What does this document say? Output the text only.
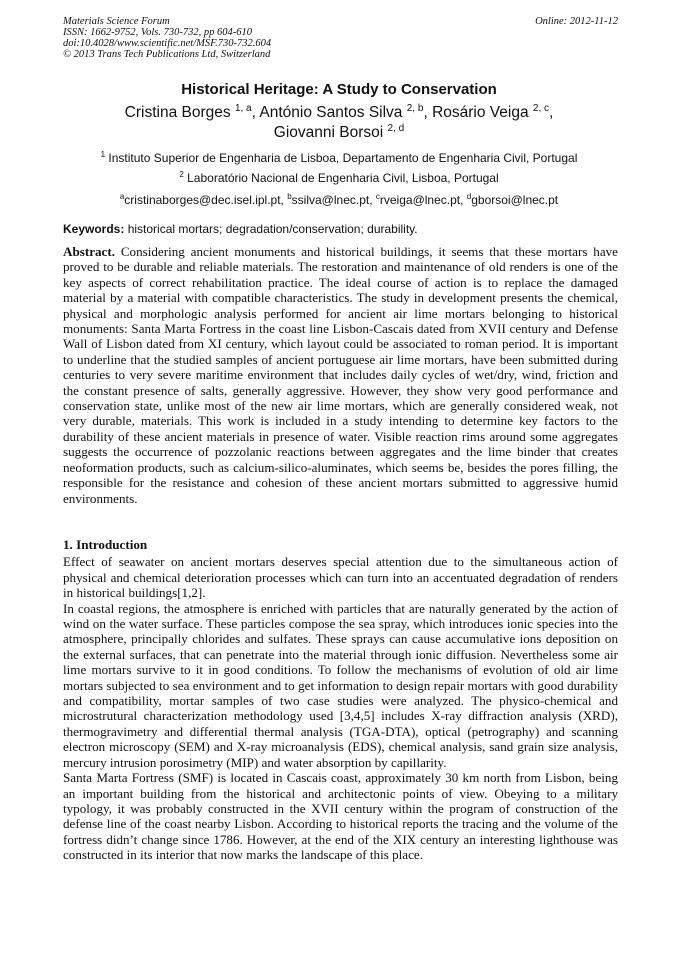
Materials Science Forum
ISSN: 1662-9752, Vols. 730-732, pp 604-610
doi:10.4028/www.scientific.net/MSF.730-732.604
© 2013 Trans Tech Publications Ltd, Switzerland
Online: 2012-11-12
Historical Heritage: A Study to Conservation
Cristina Borges $^{1, a}$, António Santos Silva $^{2, b}$, Rosário Veiga $^{2, c}$,
Giovanni Borsoi $^{2, d}$
$^1$ Instituto Superior de Engenharia de Lisboa, Departamento de Engenharia Civil, Portugal
$^2$ Laboratório Nacional de Engenharia Civil, Lisboa, Portugal
$^a$cristinaborges@dec.isel.ipl.pt, $^b$ssilva@lnec.pt, $^c$rveiga@lnec.pt, $^d$gborsoi@lnec.pt
Keywords: historical mortars; degradation/conservation; durability.

Abstract. Considering ancient monuments and historical buildings, it seems that these mortars have proved to be durable and reliable materials. The restoration and maintenance of old renders is one of the key aspects of correct rehabilitation practice. The ideal course of action is to replace the damaged material by a material with compatible characteristics. The study in development presents the chemical, physical and morphologic analysis performed for ancient air lime mortars belonging to historical monuments: Santa Marta Fortress in the coast line Lisbon-Cascais dated from XVII century and Defense Wall of Lisbon dated from XI century, which layout could be associated to roman period. It is important to underline that the studied samples of ancient portuguese air lime mortars, have been submitted during centuries to very severe maritime environment that includes daily cycles of wet/dry, wind, friction and the constant presence of salts, generally aggressive. However, they show very good performance and conservation state, unlike most of the new air lime mortars, which are generally considered weak, not very durable, materials. This work is included in a study intending to determine key factors to the durability of these ancient materials in presence of water. Visible reaction rims around some aggregates suggests the occurrence of pozzolanic reactions between aggregates and the lime binder that creates neoformation products, such as calcium-silico-aluminates, which seems be, besides the pores filling, the responsible for the resistance and cohesion of these ancient mortars submitted to aggressive humid environments.

1. Introduction

Effect of seawater on ancient mortars deserves special attention due to the simultaneous action of physical and chemical deterioration processes which can turn into an accentuated degradation of renders in historical buildings[1,2].

In coastal regions, the atmosphere is enriched with particles that are naturally generated by the action of wind on the water surface. These particles compose the sea spray, which introduces ionic species into the atmosphere, principally chlorides and sulfates. These sprays can cause accumulative ions deposition on the external surfaces, that can penetrate into the material through ionic diffusion. Nevertheless some air lime mortars survive to it in good conditions. To follow the mechanisms of evolution of old air lime mortars subjected to sea environment and to get information to design repair mortars with good durability and compatibility, mortar samples of two case studies were analyzed. The physico-chemical and microstrutural characterization methodology used [3,4,5] includes X-ray diffraction analysis (XRD), thermogravimetry and differential thermal analysis (TGA-DTA), optical (petrography) and scanning electron microscopy (SEM) and X-ray microanalysis (EDS), chemical analysis, sand grain size analysis, mercury intrusion porosimetry (MIP) and water absorption by capillarity.

Santa Marta Fortress (SMF) is located in Cascais coast, approximately 30 km north from Lisbon, being an important building from the historical and architectonic points of view. Obeying to a military typology, it was probably constructed in the XVII century within the program of construction of the defense line of the coast nearby Lisbon. According to historical reports the tracing and the volume of the fortress didn’t change since 1786. However, at the end of the XIX century an interesting lighthouse was constructed in its interior that now marks the landscape of this place.
